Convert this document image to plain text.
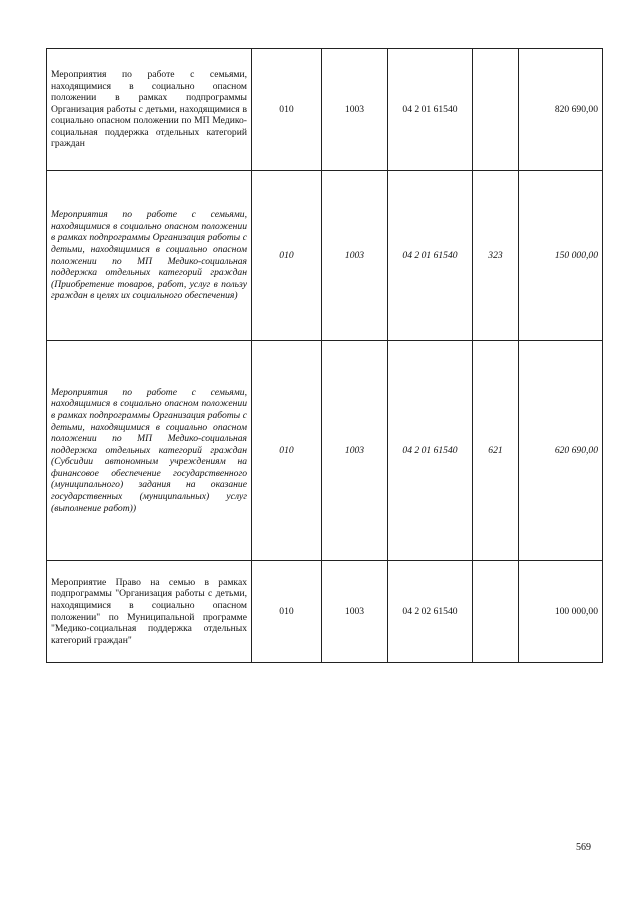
Мероприятия по работе с семьями, находящимися в социально опасном положении в рамках подпрограммы Организация работы с детьми, находящимися в социально опасном положении по МП Медико-социальная поддержка отдельных категорий граждан	010	1003	04 2 01 61540		820 690,00
Мероприятия по работе с семьями, находящимися в социально опасном положении в рамках подпрограммы Организация работы с детьми, находящимися в социально опасном положении по МП Медико-социальная поддержка отдельных категорий граждан (Приобретение товаров, работ, услуг в пользу граждан в целях их социального обеспечения)	010	1003	04 2 01 61540	323	150 000,00
Мероприятия по работе с семьями, находящимися в социально опасном положении в рамках подпрограммы Организация работы с детьми, находящимися в социально опасном положении по МП Медико-социальная поддержка отдельных категорий граждан (Субсидии автономным учреждениям на финансовое обеспечение государственного (муниципального) задания на оказание государственных (муниципальных) услуг (выполнение работ))	010	1003	04 2 01 61540	621	620 690,00
Мероприятие Право на семью в рамках подпрограммы "Организация работы с детьми, находящимися в социально опасном положении" по Муниципальной программе "Медико-социальная поддержка отдельных категорий граждан"	010	1003	04 2 02 61540		100 000,00
569
